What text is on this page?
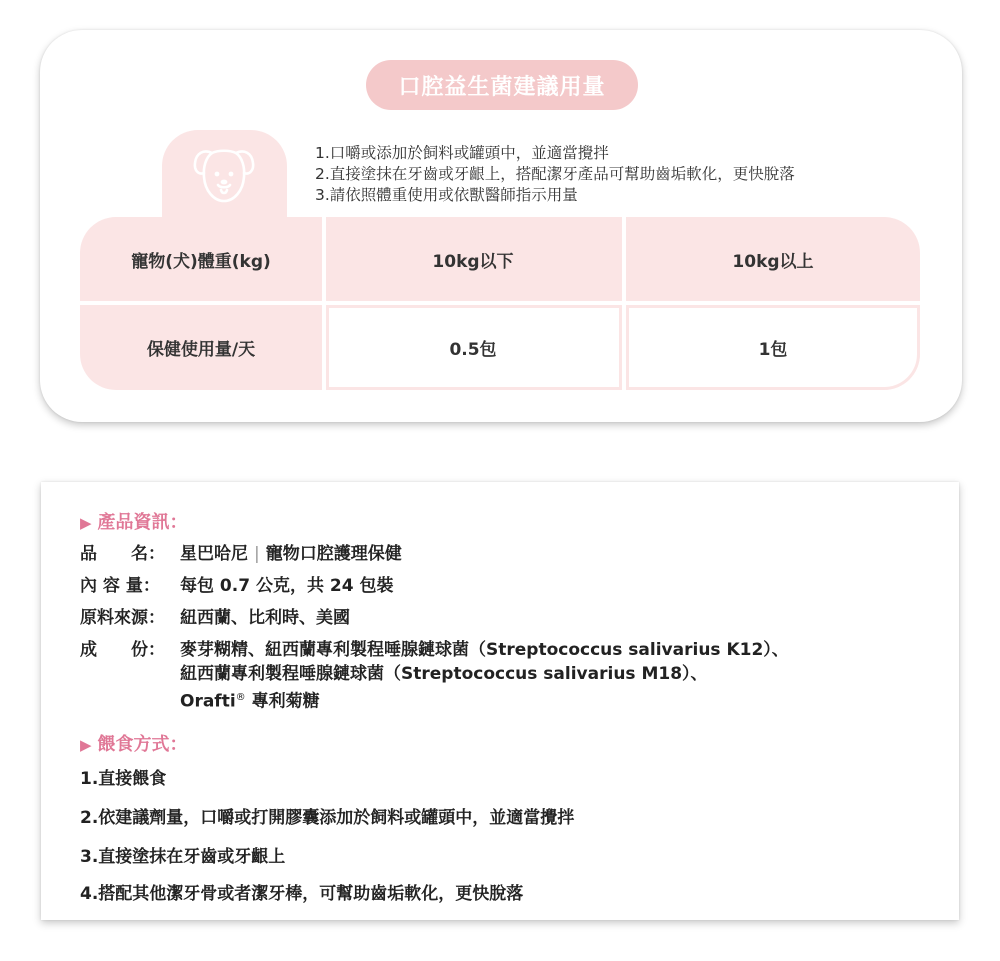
口腔益生菌建議用量
1.口嚼或添加於飼料或罐頭中，並適當攪拌
2.直接塗抹在牙齒或牙齦上，搭配潔牙產品可幫助齒垢軟化，更快脫落
3.請依照體重使用或依獸醫師指示用量
寵物(犬)體重(kg)	10kg以下	10kg以上
保健使用量/天	0.5包	1包
▶ 產品資訊：
品　　名： 星巴哈尼 | 寵物口腔護理保健
內 容 量： 每包 0.7 公克，共 24 包裝
原料來源： 紐西蘭、比利時、美國
成　　份： 麥芽糊精、紐西蘭專利製程唾腺鏈球菌（Streptococcus salivarius K12）、
紐西蘭專利製程唾腺鏈球菌（Streptococcus salivarius M18）、
Orafti® 專利菊糖
▶ 餵食方式：
1.直接餵食
2.依建議劑量，口嚼或打開膠囊添加於飼料或罐頭中，並適當攪拌
3.直接塗抹在牙齒或牙齦上
4.搭配其他潔牙骨或者潔牙棒，可幫助齒垢軟化，更快脫落
